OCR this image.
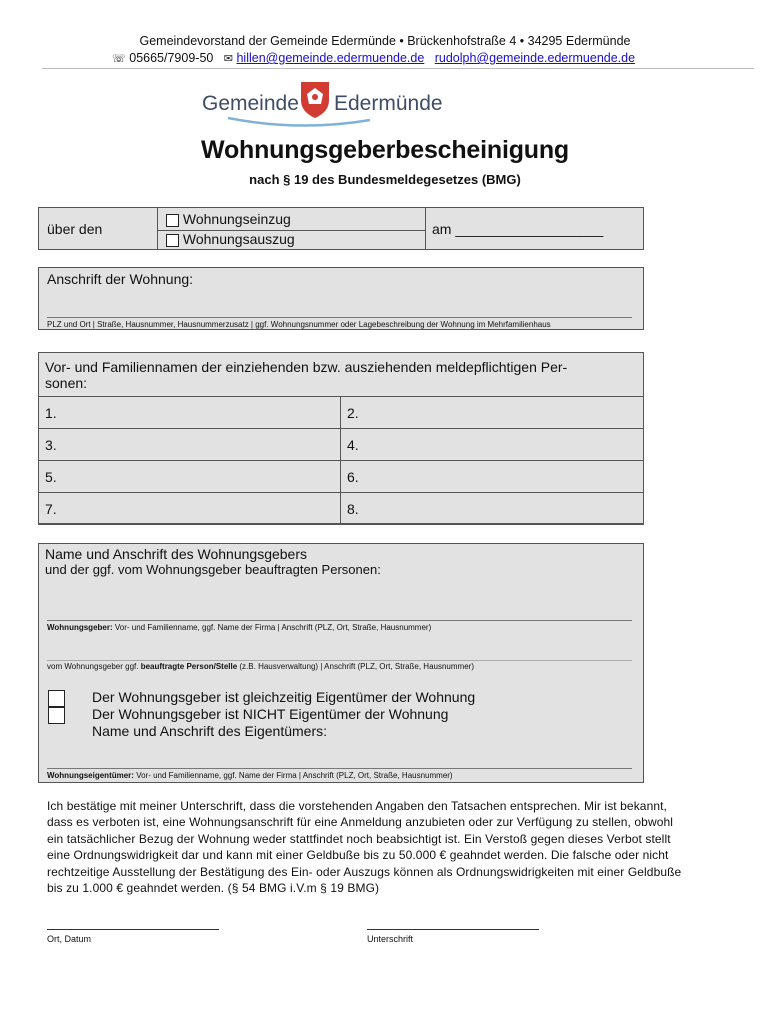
Gemeindevorstand der Gemeinde Edermünde • Brückenhofstraße 4 • 34295 Edermünde
☏ 05665/7909-50 ✉ hillen@gemeinde.edermuende.de rudolph@gemeinde.edermuende.de
Gemeinde Edermünde
Wohnungsgeberbescheinigung
nach § 19 des Bundesmeldegesetzes (BMG)
über den
Wohnungseinzug
Wohnungsauszug
am ___________________
Anschrift der Wohnung:
PLZ und Ort | Straße, Hausnummer, Hausnummerzusatz | ggf. Wohnungsnummer oder Lagebeschreibung der Wohnung im Mehrfamilienhaus
Vor- und Familiennamen der einziehenden bzw. ausziehenden meldepflichtigen Per-
sonen:
1.	2.
3.	4.
5.	6.
7.	8.
Name und Anschrift des Wohnungsgebers
und der ggf. vom Wohnungsgeber beauftragten Personen:
Wohnungsgeber: Vor- und Familienname, ggf. Name der Firma | Anschrift (PLZ, Ort, Straße, Hausnummer)
vom Wohnungsgeber ggf. beauftragte Person/Stelle (z.B. Hausverwaltung) | Anschrift (PLZ, Ort, Straße, Hausnummer)
Der Wohnungsgeber ist gleichzeitig Eigentümer der Wohnung
Der Wohnungsgeber ist NICHT Eigentümer der Wohnung
Name und Anschrift des Eigentümers:
Wohnungseigentümer: Vor- und Familienname, ggf. Name der Firma | Anschrift (PLZ, Ort, Straße, Hausnummer)
Ich bestätige mit meiner Unterschrift, dass die vorstehenden Angaben den Tatsachen entsprechen. Mir ist bekannt,
dass es verboten ist, eine Wohnungsanschrift für eine Anmeldung anzubieten oder zur Verfügung zu stellen, obwohl
ein tatsächlicher Bezug der Wohnung weder stattfindet noch beabsichtigt ist. Ein Verstoß gegen dieses Verbot stellt
eine Ordnungswidrigkeit dar und kann mit einer Geldbuße bis zu 50.000 € geahndet werden. Die falsche oder nicht
rechtzeitige Ausstellung der Bestätigung des Ein- oder Auszugs können als Ordnungswidrigkeiten mit einer Geldbuße
bis zu 1.000 € geahndet werden. (§ 54 BMG i.V.m § 19 BMG)
Ort, Datum	Unterschrift
